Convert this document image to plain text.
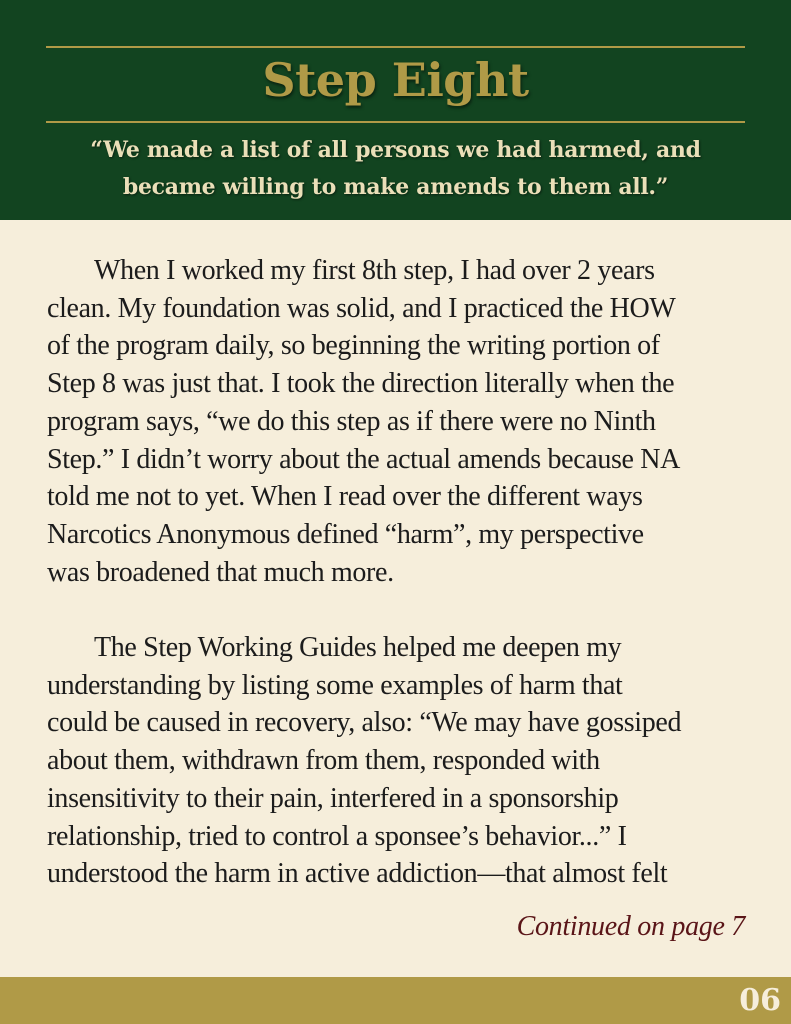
Step Eight
“We made a list of all persons we had harmed, and
became willing to make amends to them all.”

When I worked my first 8th step, I had over 2 years
clean. My foundation was solid, and I practiced the HOW
of the program daily, so beginning the writing portion of
Step 8 was just that. I took the direction literally when the
program says, “we do this step as if there were no Ninth
Step.” I didn’t worry about the actual amends because NA
told me not to yet. When I read over the different ways
Narcotics Anonymous defined “harm”, my perspective
was broadened that much more.

The Step Working Guides helped me deepen my
understanding by listing some examples of harm that
could be caused in recovery, also: “We may have gossiped
about them, withdrawn from them, responded with
insensitivity to their pain, interfered in a sponsorship
relationship, tried to control a sponsee’s behavior...” I
understood the harm in active addiction—that almost felt

Continued on page 7
06
